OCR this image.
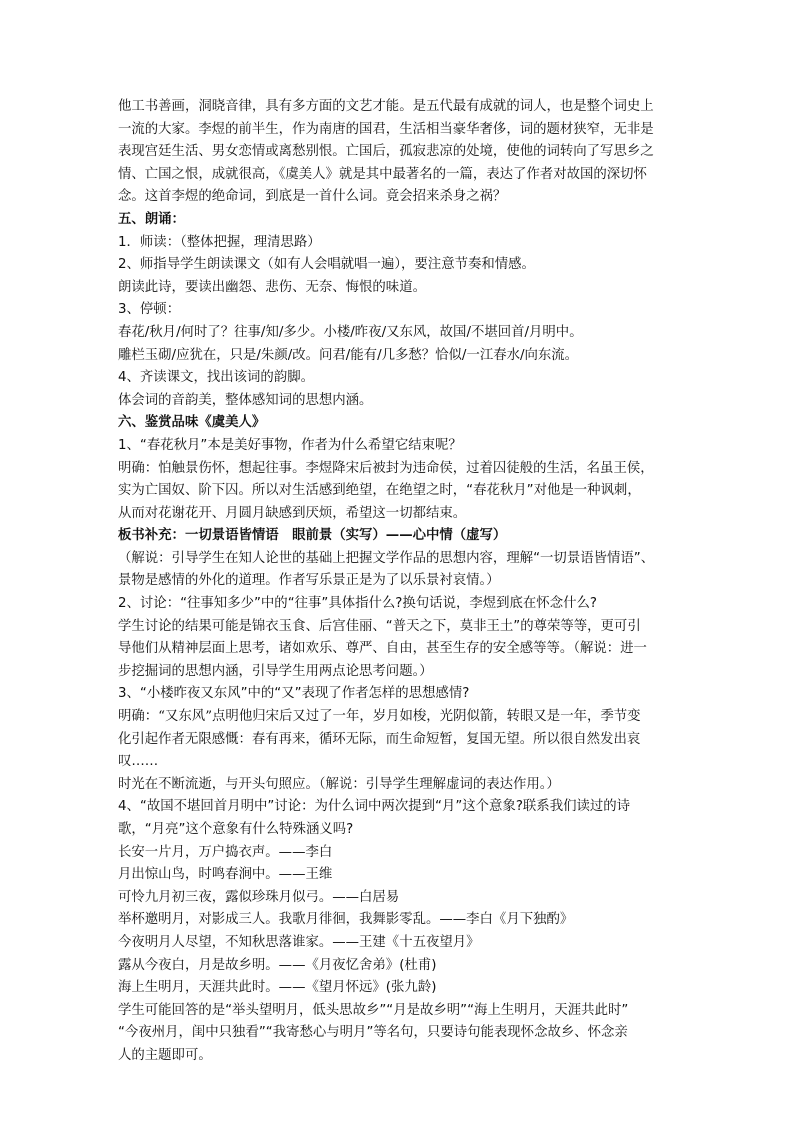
他工书善画，洞晓音律，具有多方面的文艺才能。是五代最有成就的词人，也是整个词史上
一流的大家。李煜的前半生，作为南唐的国君，生活相当豪华奢侈，词的题材狭窄，无非是
表现宫廷生活、男女恋情或离愁别恨。亡国后，孤寂悲凉的处境，使他的词转向了写思乡之
情、亡国之恨，成就很高，《虞美人》就是其中最著名的一篇，表达了作者对故国的深切怀
念。这首李煜的绝命词，到底是一首什么词。竟会招来杀身之祸？
五、朗诵：
1．师读：（整体把握，理清思路）
2、师指导学生朗读课文（如有人会唱就唱一遍），要注意节奏和情感。
朗读此诗，要读出幽怨、悲伤、无奈、悔恨的味道。
3、停顿：
春花/秋月/何时了？往事/知/多少。小楼/昨夜/又东风，故国/不堪回首/月明中。
雕栏玉砌/应犹在，只是/朱颜/改。问君/能有/几多愁？恰似/一江春水/向东流。
4、齐读课文，找出该词的韵脚。
体会词的音韵美，整体感知词的思想内涵。
六、鉴赏品味《虞美人》
1、“春花秋月”本是美好事物，作者为什么希望它结束呢？
明确：怕触景伤怀，想起往事。李煜降宋后被封为违命侯，过着囚徒般的生活，名虽王侯，
实为亡国奴、阶下囚。所以对生活感到绝望，在绝望之时，“春花秋月”对他是一种讽刺，
从而对花谢花开、月圆月缺感到厌烦，希望这一切都结束。
板书补充：一切景语皆情语　眼前景（实写）——心中情（虚写）
（解说：引导学生在知人论世的基础上把握文学作品的思想内容，理解“一切景语皆情语”、
景物是感情的外化的道理。作者写乐景正是为了以乐景衬哀情。）
2、讨论：“往事知多少”中的“往事”具体指什么?换句话说，李煜到底在怀念什么?
学生讨论的结果可能是锦衣玉食、后宫佳丽、“普天之下，莫非王土”的尊荣等等，更可引
导他们从精神层面上思考，诸如欢乐、尊严、自由，甚至生存的安全感等等。（解说：进一
步挖掘词的思想内涵，引导学生用两点论思考问题。）
3、“小楼昨夜又东风”中的“又”表现了作者怎样的思想感情?
明确：“又东风”点明他归宋后又过了一年，岁月如梭，光阴似箭，转眼又是一年，季节变
化引起作者无限感慨：春有再来，循环无际，而生命短暂，复国无望。所以很自然发出哀
叹……
时光在不断流逝，与开头句照应。（解说：引导学生理解虚词的表达作用。）
4、“故国不堪回首月明中”讨论：为什么词中两次提到“月”这个意象?联系我们读过的诗
歌，“月亮”这个意象有什么特殊涵义吗?
长安一片月，万户捣衣声。——李白
月出惊山鸟，时鸣春涧中。——王维
可怜九月初三夜，露似珍珠月似弓。——白居易
举杯邀明月，对影成三人。我歌月徘徊，我舞影零乱。——李白《月下独酌》
今夜明月人尽望，不知秋思落谁家。——王建《十五夜望月》
露从今夜白，月是故乡明。——《月夜忆舍弟》(杜甫)
海上生明月，天涯共此时。——《望月怀远》(张九龄)
学生可能回答的是“举头望明月，低头思故乡”“月是故乡明”“海上生明月，天涯共此时”
“今夜州月，闺中只独看”“我寄愁心与明月”等名句，只要诗句能表现怀念故乡、怀念亲
人的主题即可。
